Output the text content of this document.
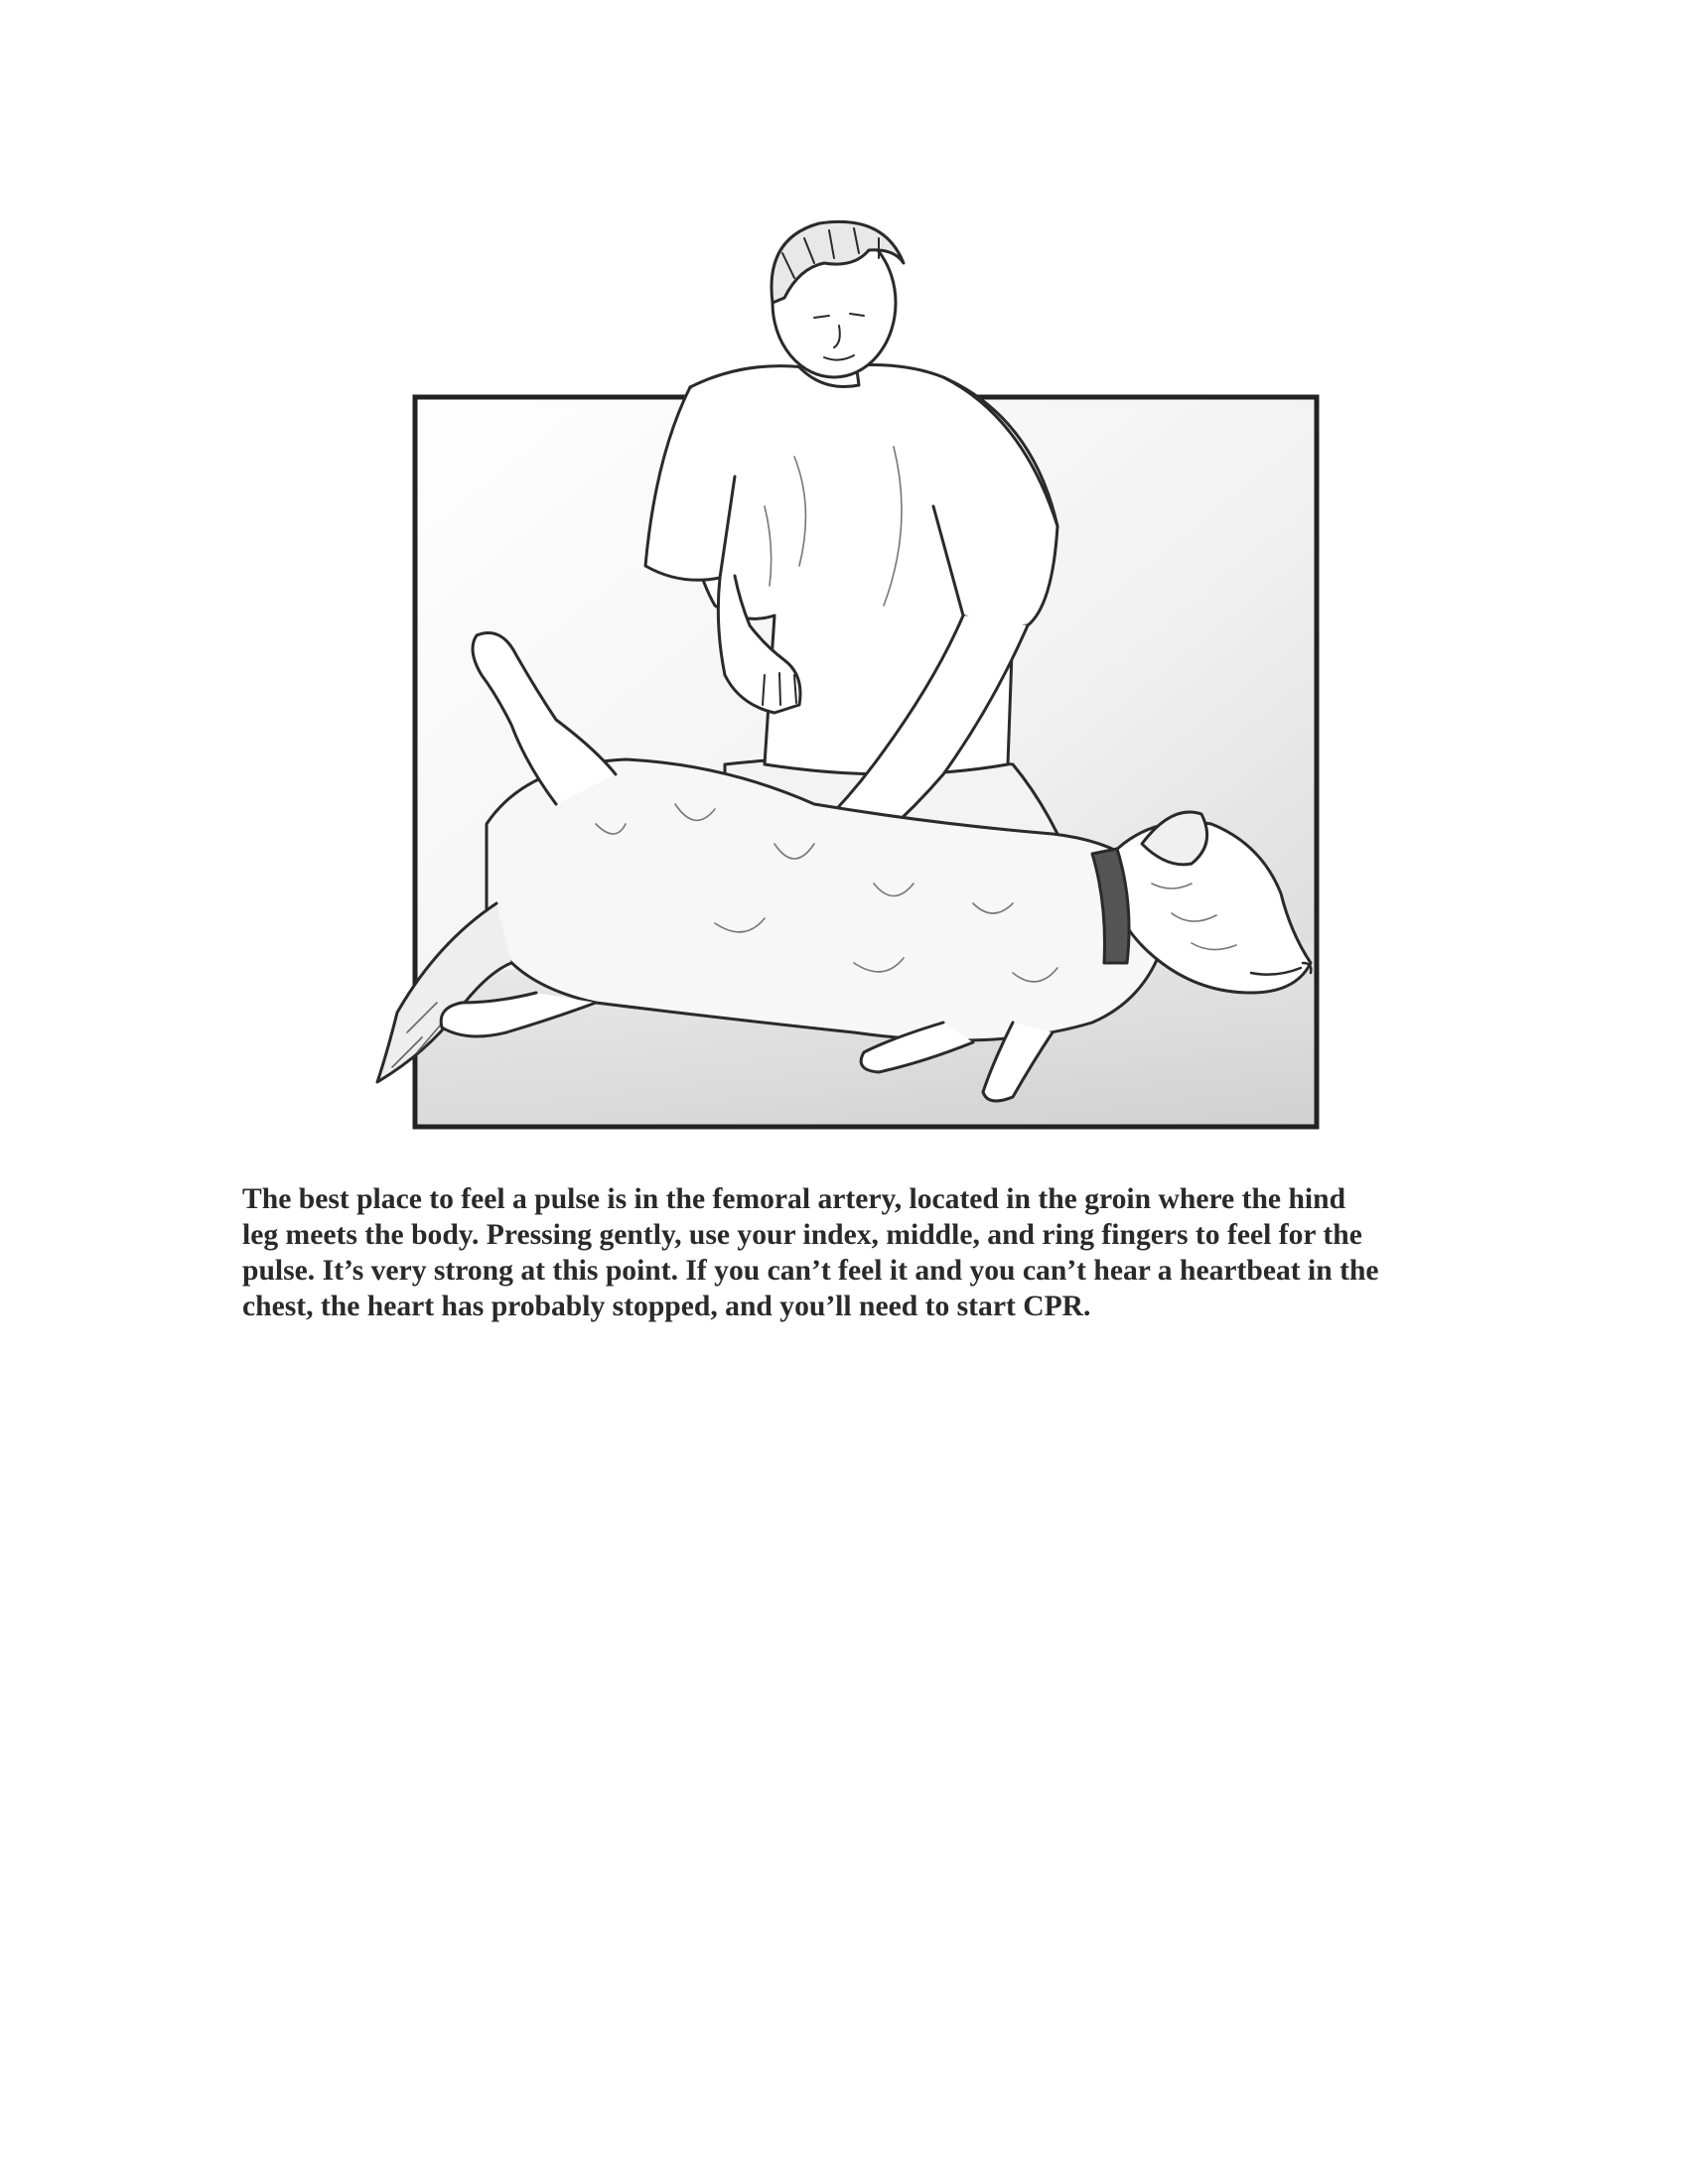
The best place to feel a pulse is in the femoral artery, located in the groin where the hind
leg meets the body. Pressing gently, use your index, middle, and ring fingers to feel for the
pulse. It’s very strong at this point. If you can’t feel it and you can’t hear a heartbeat in the
chest, the heart has probably stopped, and you’ll need to start CPR.
